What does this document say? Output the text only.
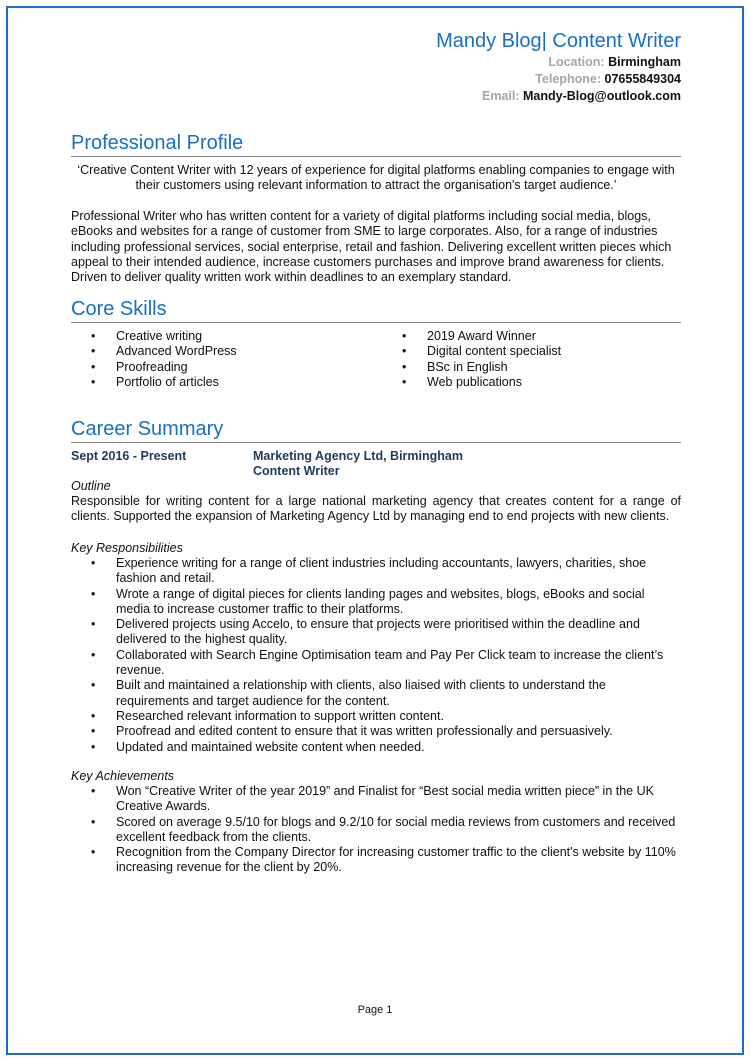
Mandy Blog| Content Writer
Location: Birmingham
Telephone: 07655849304
Email: Mandy-Blog@outlook.com
Professional Profile
‘Creative Content Writer with 12 years of experience for digital platforms enabling companies to engage with their customers using relevant information to attract the organisation's target audience.’
Professional Writer who has written content for a variety of digital platforms including social media, blogs, eBooks and websites for a range of customer from SME to large corporates. Also, for a range of industries including professional services, social enterprise, retail and fashion. Delivering excellent written pieces which appeal to their intended audience, increase customers purchases and improve brand awareness for clients. Driven to deliver quality written work within deadlines to an exemplary standard.
Core Skills
• Creative writing
• Advanced WordPress
• Proofreading
• Portfolio of articles
• 2019 Award Winner
• Digital content specialist
• BSc in English
• Web publications
Career Summary
Sept 2016 - Present	Marketing Agency Ltd, Birmingham
Content Writer
Outline
Responsible for writing content for a large national marketing agency that creates content for a range of clients. Supported the expansion of Marketing Agency Ltd by managing end to end projects with new clients.
Key Responsibilities
• Experience writing for a range of client industries including accountants, lawyers, charities, shoe fashion and retail.
• Wrote a range of digital pieces for clients landing pages and websites, blogs, eBooks and social media to increase customer traffic to their platforms.
• Delivered projects using Accelo, to ensure that projects were prioritised within the deadline and delivered to the highest quality.
• Collaborated with Search Engine Optimisation team and Pay Per Click team to increase the client’s revenue.
• Built and maintained a relationship with clients, also liaised with clients to understand the requirements and target audience for the content.
• Researched relevant information to support written content.
• Proofread and edited content to ensure that it was written professionally and persuasively.
• Updated and maintained website content when needed.
Key Achievements
• Won “Creative Writer of the year 2019” and Finalist for “Best social media written piece” in the UK Creative Awards.
• Scored on average 9.5/10 for blogs and 9.2/10 for social media reviews from customers and received excellent feedback from the clients.
• Recognition from the Company Director for increasing customer traffic to the client's website by 110% increasing revenue for the client by 20%.
Page 1
